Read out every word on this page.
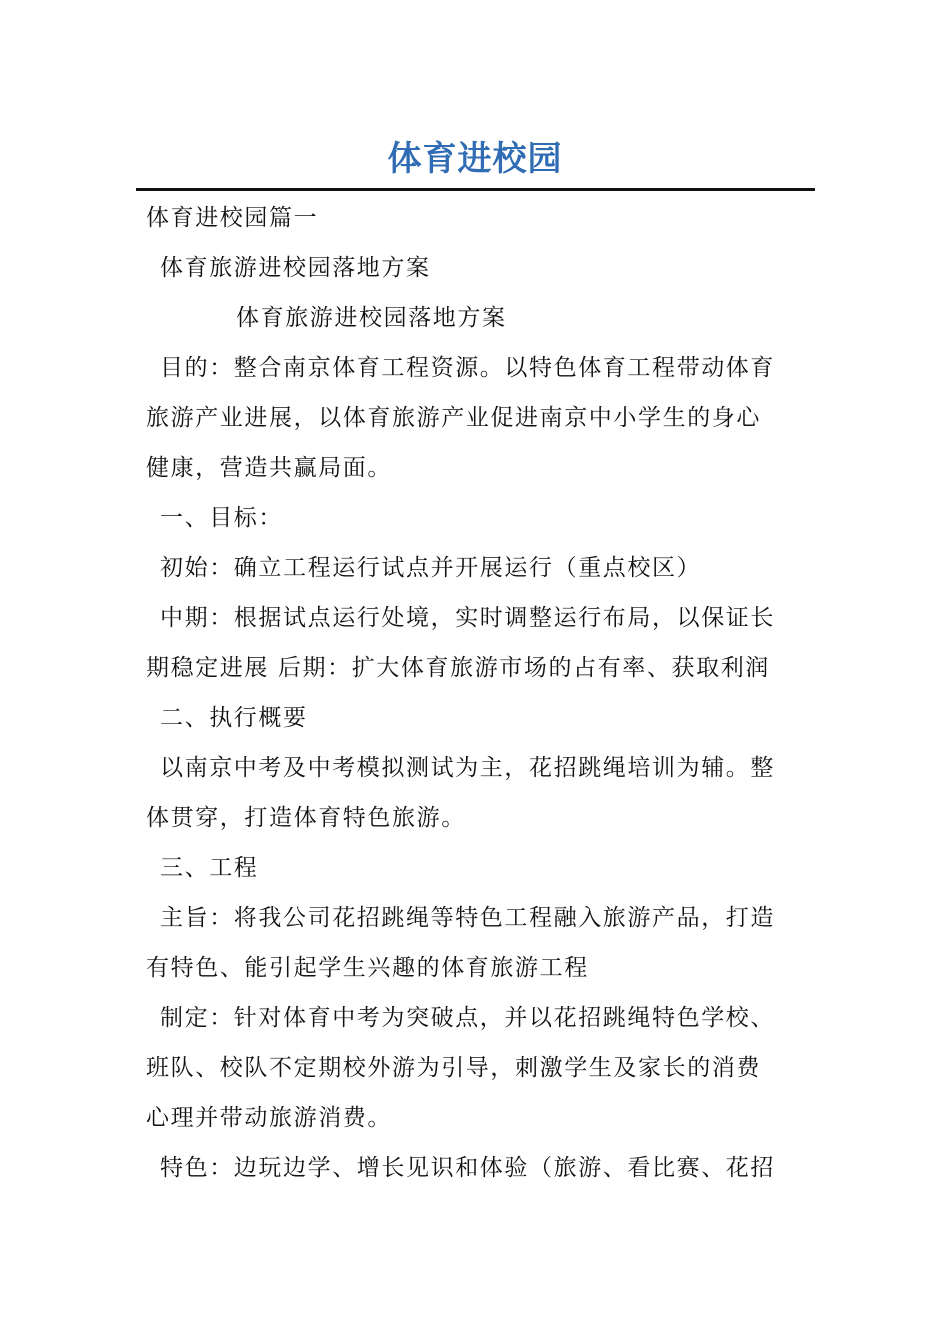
体育进校园

体育进校园篇一

体育旅游进校园落地方案

体育旅游进校园落地方案

目的：整合南京体育工程资源。以特色体育工程带动体育

旅游产业进展，以体育旅游产业促进南京中小学生的身心

健康，营造共赢局面。

一、目标：

初始：确立工程运行试点并开展运行（重点校区）

中期：根据试点运行处境，实时调整运行布局，以保证长

期稳定进展 后期：扩大体育旅游市场的占有率、获取利润

二、执行概要

以南京中考及中考模拟测试为主，花招跳绳培训为辅。整

体贯穿，打造体育特色旅游。

三、工程

主旨：将我公司花招跳绳等特色工程融入旅游产品，打造

有特色、能引起学生兴趣的体育旅游工程

制定：针对体育中考为突破点，并以花招跳绳特色学校、

班队、校队不定期校外游为引导，刺激学生及家长的消费

心理并带动旅游消费。

特色：边玩边学、增长见识和体验（旅游、看比赛、花招
